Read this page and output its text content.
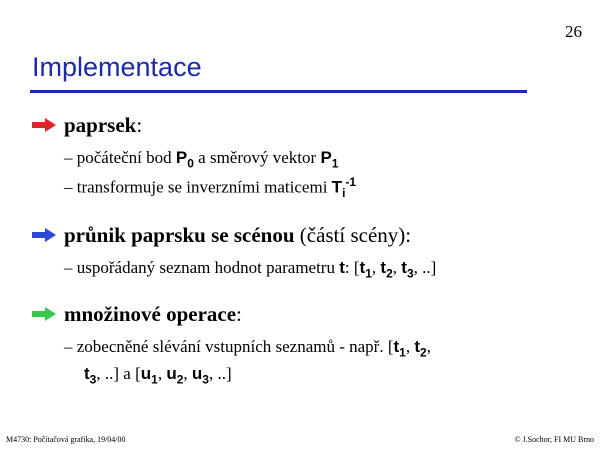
26
Implementace
paprsek:
– počáteční bod $P_0$ a směrový vektor $P_1$
– transformuje se inverzními maticemi $T_i^{-1}$
průnik paprsku se scénou (částí scény):
– uspořádaný seznam hodnot parametru t: [$t_1$, $t_2$, $t_3$, ..]
množinové operace:
– zobecněné slévání vstupních seznamů - např. [$t_1$, $t_2$,
$t_3$, ..] a [$u_1$, $u_2$, $u_3$, ..]
M4730: Počítačová grafika, 19/04/00	© J.Sochor, FI MU Brno
